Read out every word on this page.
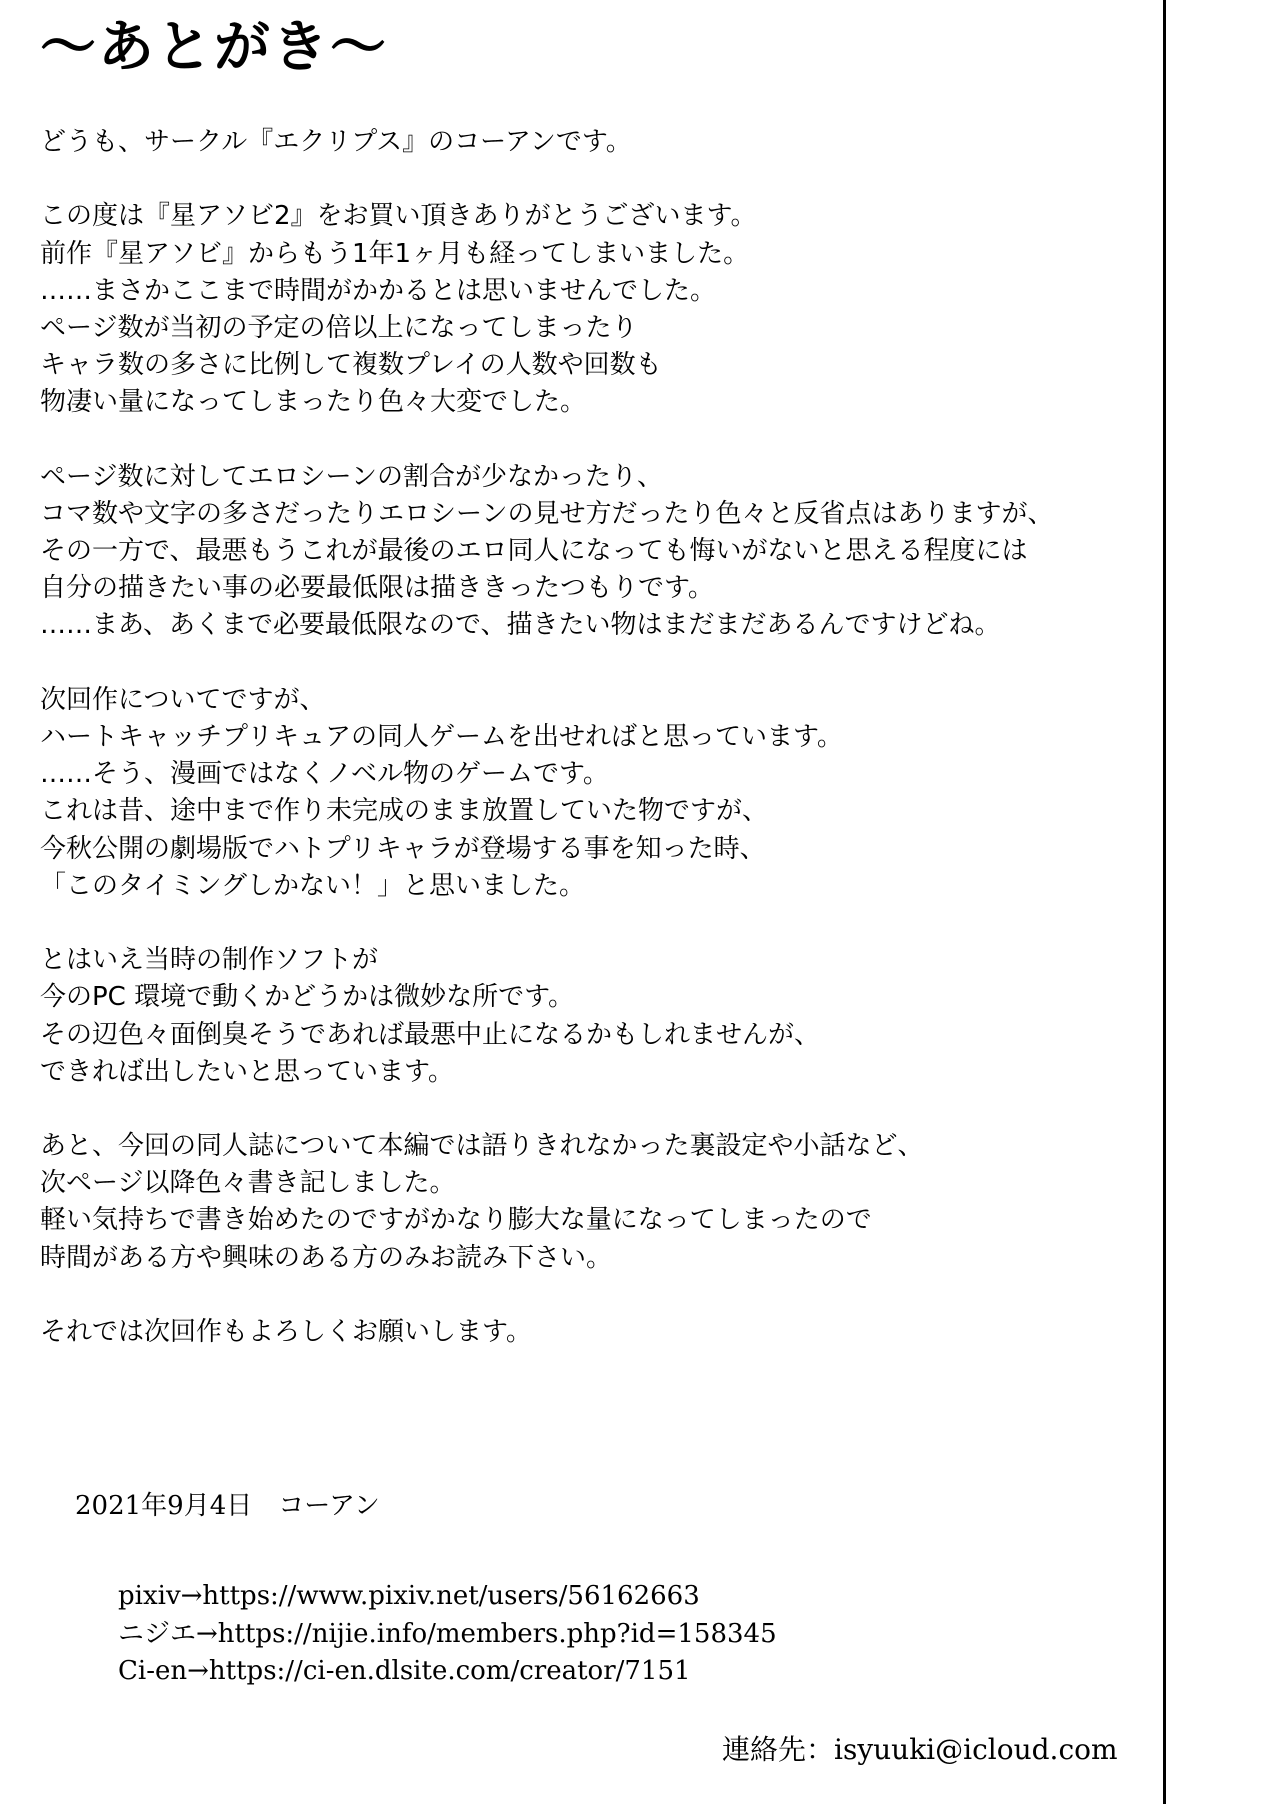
～あとがき～
どうも、サークル『エクリプス』のコーアンです。
この度は『星アソビ2』をお買い頂きありがとうございます。
前作『星アソビ』からもう1年1ヶ月も経ってしまいました。
……まさかここまで時間がかかるとは思いませんでした。
ページ数が当初の予定の倍以上になってしまったり
キャラ数の多さに比例して複数プレイの人数や回数も
物凄い量になってしまったり色々大変でした。
ページ数に対してエロシーンの割合が少なかったり、
コマ数や文字の多さだったりエロシーンの見せ方だったり色々と反省点はありますが、
その一方で、最悪もうこれが最後のエロ同人になっても悔いがないと思える程度には
自分の描きたい事の必要最低限は描ききったつもりです。
……まあ、あくまで必要最低限なので、描きたい物はまだまだあるんですけどね。
次回作についてですが、
ハートキャッチプリキュアの同人ゲームを出せればと思っています。
……そう、漫画ではなくノベル物のゲームです。
これは昔、途中まで作り未完成のまま放置していた物ですが、
今秋公開の劇場版でハトプリキャラが登場する事を知った時、
「このタイミングしかない！」と思いました。
とはいえ当時の制作ソフトが
今のPC 環境で動くかどうかは微妙な所です。
その辺色々面倒臭そうであれば最悪中止になるかもしれませんが、
できれば出したいと思っています。
あと、今回の同人誌について本編では語りきれなかった裏設定や小話など、
次ページ以降色々書き記しました。
軽い気持ちで書き始めたのですがかなり膨大な量になってしまったので
時間がある方や興味のある方のみお読み下さい。
それでは次回作もよろしくお願いします。
2021年9月4日　コーアン
pixiv→https://www.pixiv.net/users/56162663
ニジエ→https://nijie.info/members.php?id=158345
Ci-en→https://ci-en.dlsite.com/creator/7151
連絡先：isyuuki@icloud.com
